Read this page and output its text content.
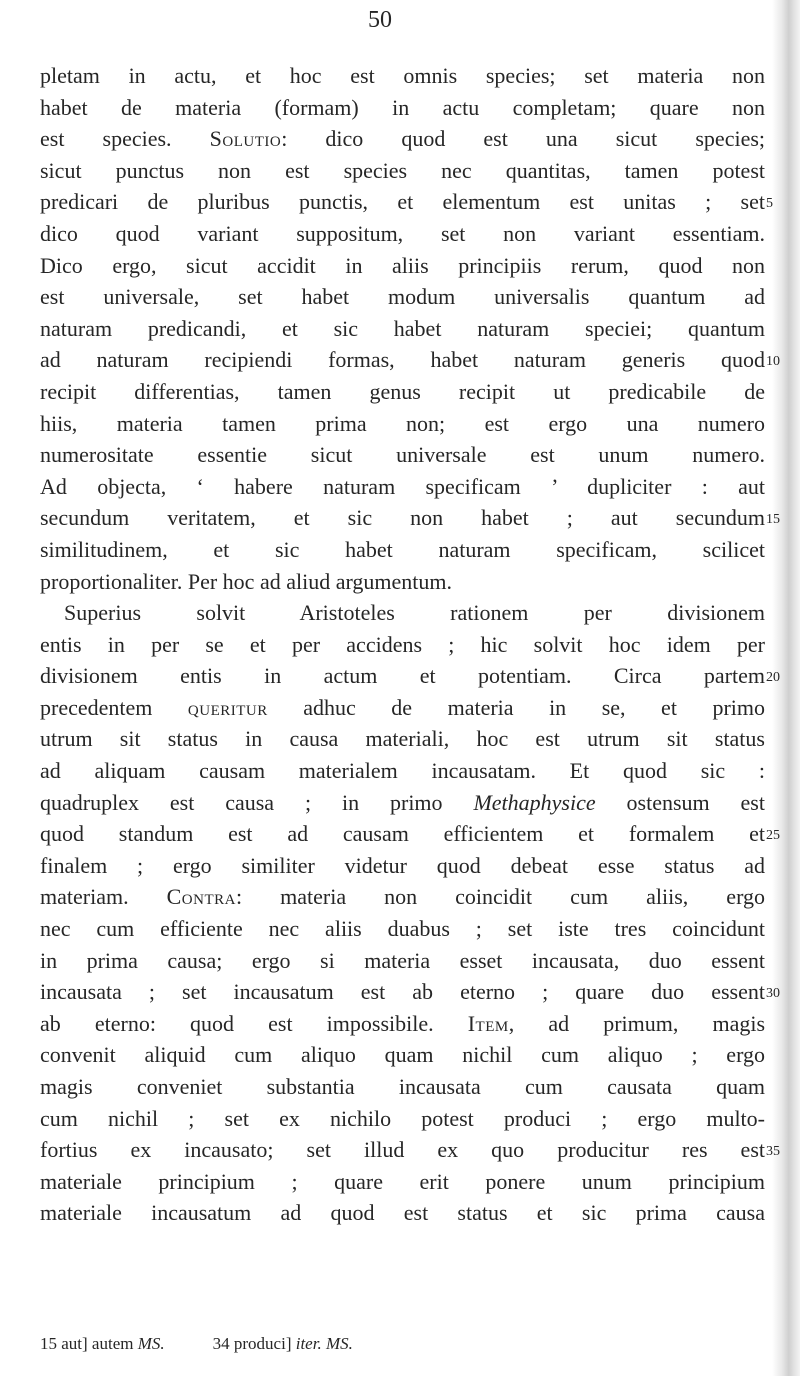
50
pletam in actu, et hoc est omnis species; set materia non
habet de materia (formam) in actu completam; quare non
est species. Solutio: dico quod est una sicut species;
sicut punctus non est species nec quantitas, tamen potest
predicari de pluribus punctis, et elementum est unitas ; set 5
dico quod variant suppositum, set non variant essentiam.
Dico ergo, sicut accidit in aliis principiis rerum, quod non
est universale, set habet modum universalis quantum ad
naturam predicandi, et sic habet naturam speciei; quantum
ad naturam recipiendi formas, habet naturam generis quod 10
recipit differentias, tamen genus recipit ut predicabile de
hiis, materia tamen prima non; est ergo una numero
numerositate essentie sicut universale est unum numero.
Ad objecta, ‘ habere naturam specificam ’ dupliciter : aut
secundum veritatem, et sic non habet ; aut secundum 15
similitudinem, et sic habet naturam specificam, scilicet
proportionaliter. Per hoc ad aliud argumentum.
Superius solvit Aristoteles rationem per divisionem
entis in per se et per accidens ; hic solvit hoc idem per
divisionem entis in actum et potentiam. Circa partem 20
precedentem queritur adhuc de materia in se, et primo
utrum sit status in causa materiali, hoc est utrum sit status
ad aliquam causam materialem incausatam. Et quod sic :
quadruplex est causa ; in primo Methaphysice ostensum est
quod standum est ad causam efficientem et formalem et 25
finalem ; ergo similiter videtur quod debeat esse status ad
materiam. Contra: materia non coincidit cum aliis, ergo
nec cum efficiente nec aliis duabus ; set iste tres coincidunt
in prima causa; ergo si materia esset incausata, duo essent
incausata ; set incausatum est ab eterno ; quare duo essent 30
ab eterno: quod est impossibile. Item, ad primum, magis
convenit aliquid cum aliquo quam nichil cum aliquo ; ergo
magis conveniet substantia incausata cum causata quam
cum nichil ; set ex nichilo potest produci ; ergo multo-
fortius ex incausato; set illud ex quo producitur res est 35
materiale principium ; quare erit ponere unum principium
materiale incausatum ad quod est status et sic prima causa
15 aut] autem MS.	34 produci] iter. MS.
